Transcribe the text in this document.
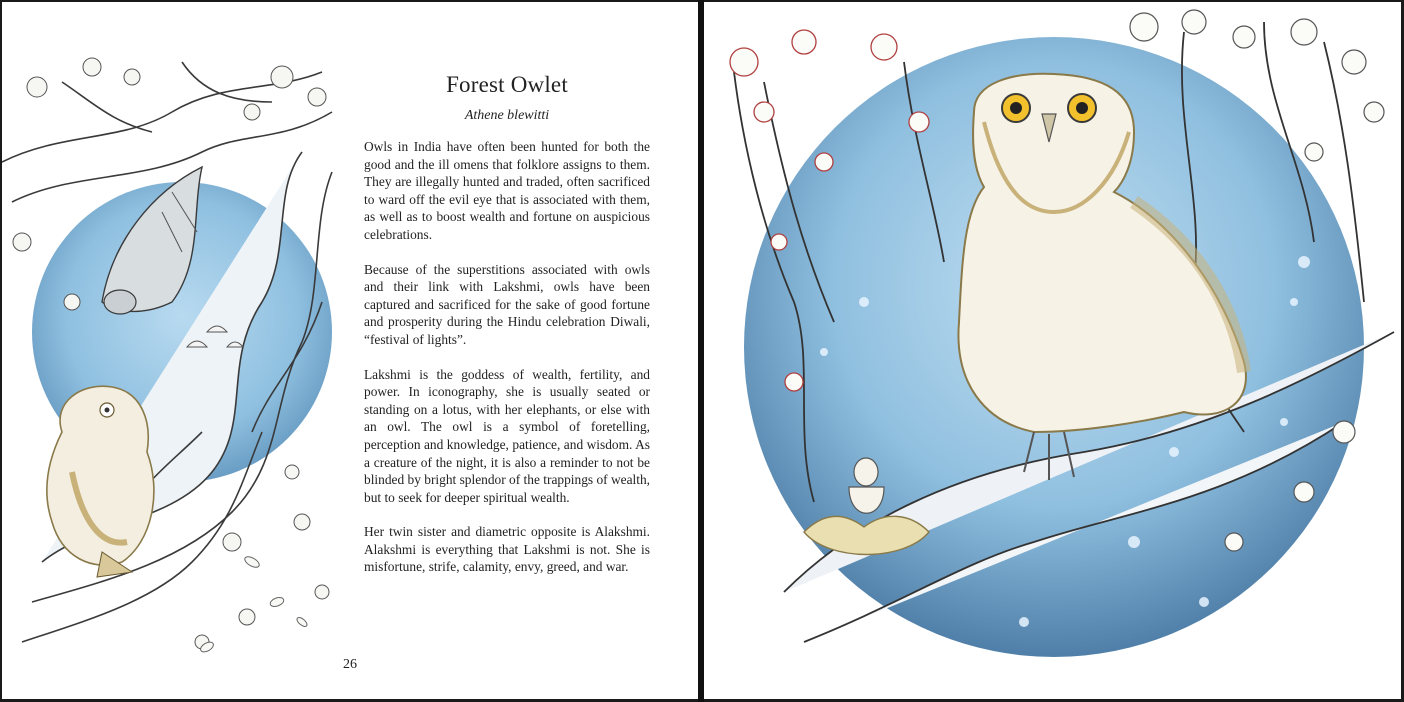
Forest Owlet

Athene blewitti

Owls in India have often been hunted for both the good and the ill omens that folklore assigns to them. They are illegally hunted and traded, often sacrificed to ward off the evil eye that is associated with them, as well as to boost wealth and fortune on auspicious celebrations.

Because of the superstitions associated with owls and their link with Lakshmi, owls have been captured and sacrificed for the sake of good fortune and prosperity during the Hindu celebration Diwali, “festival of lights”.

Lakshmi is the goddess of wealth, fertility, and power. In iconography, she is usually seated or standing on a lotus, with her elephants, or else with an owl. The owl is a symbol of foretelling, perception and knowledge, patience, and wisdom. As a creature of the night, it is also a reminder to not be blinded by bright splendor of the trappings of wealth, but to seek for deeper spiritual wealth.

Her twin sister and diametric opposite is Alakshmi. Alakshmi is everything that Lakshmi is not. She is misfortune, strife, calamity, envy, greed, and war.

26
